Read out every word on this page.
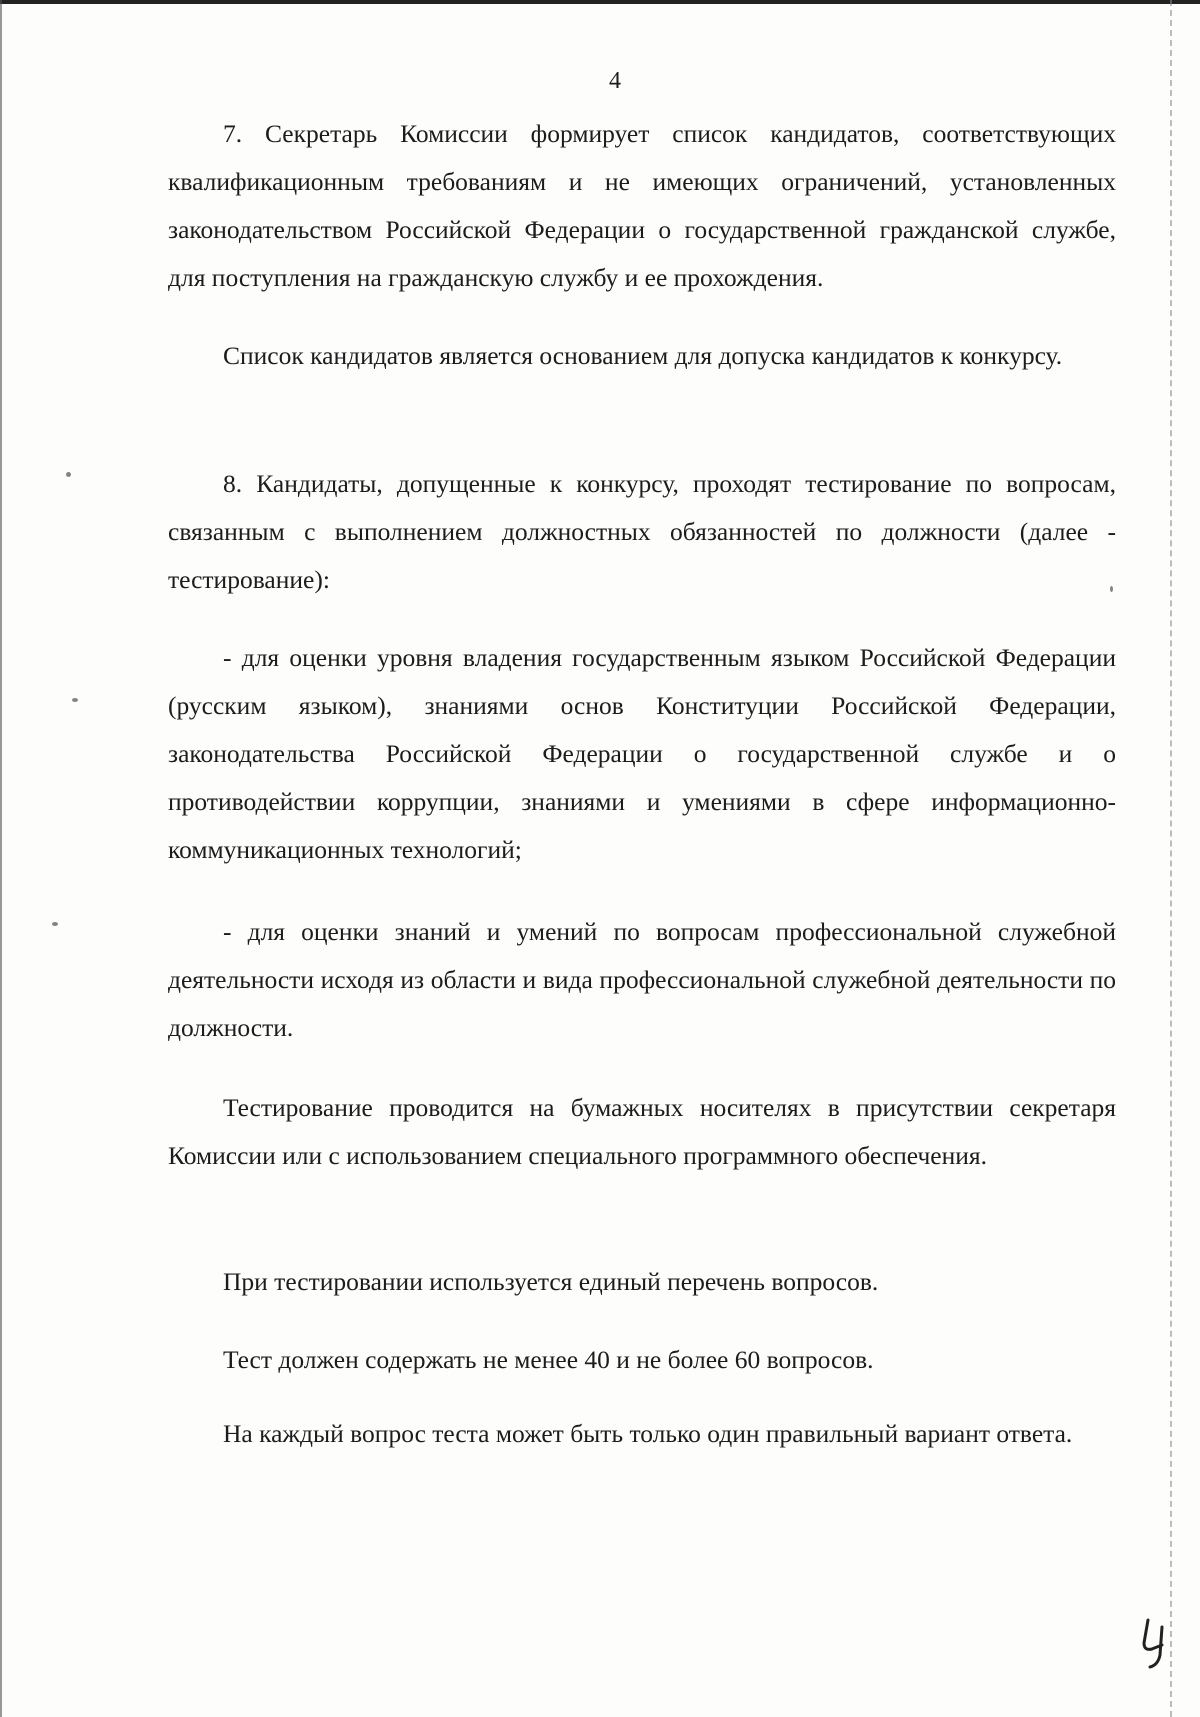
4

7. Секретарь Комиссии формирует список кандидатов, соответствующих квалификационным требованиям и не имеющих ограничений, установленных законодательством Российской Федерации о государственной гражданской службе, для поступления на гражданскую службу и ее прохождения.

Список кандидатов является основанием для допуска кандидатов к конкурсу.

8. Кандидаты, допущенные к конкурсу, проходят тестирование по вопросам, связанным с выполнением должностных обязанностей по должности (далее - тестирование):

- для оценки уровня владения государственным языком Российской Федерации (русским языком), знаниями основ Конституции Российской Федерации, законодательства Российской Федерации о государственной службе и о противодействии коррупции, знаниями и умениями в сфере информационно-коммуникационных технологий;

- для оценки знаний и умений по вопросам профессиональной служебной деятельности исходя из области и вида профессиональной служебной деятельности по должности.

Тестирование проводится на бумажных носителях в присутствии секретаря Комиссии или с использованием специального программного обеспечения.

При тестировании используется единый перечень вопросов.

Тест должен содержать не менее 40 и не более 60 вопросов.

На каждый вопрос теста может быть только один правильный вариант ответа.
